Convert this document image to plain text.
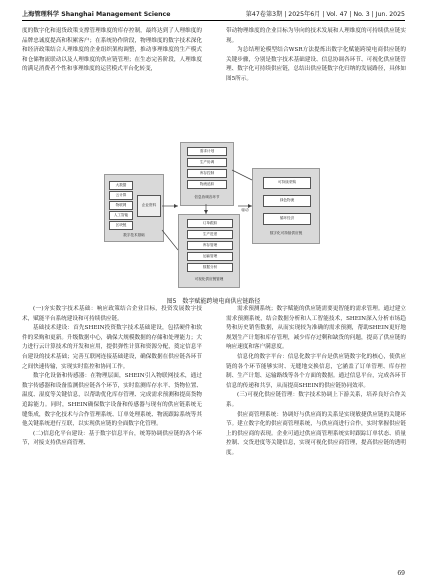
上海管理科学 Shanghai Management Science	第47卷第3期 | 2025年6月 | Vol. 47 | No. 3 | Jun. 2025

度的数字化和退货政策支撑管理维度的库存控制，最终达到了人理维度的品牌忠诚度提高和积累客户；在系统协作阶段，物理维度的数字技术深化和经济政策结合人理维度的企业组织架构调整，推动事理维度的生产模式和仓储物流联动以及人理维度的供应链管理；在生态完善阶段，人理维度的满足消费者个性和事理维度的运营模式平台化转变，

带动物理维度的企业目标为导向的技术发展和人理维度的可持续供应链实现。

为总结理论模型结合WSR方法提炼出数字化赋能跨境电商供应链的关键步骤，分别是数字技术基础建设、信息协调各环节、可视化供应链管理、数字化可持续供应链，总结出供应链数字化归纳的发展路径，具体如图5所示。

需求计划
生产协调
库存控制
物流追踪
信息协调各环节
大数据
云计算
物联网
人工智能
区块链
企业资料
数字技术基础
订单跟踪
生产进度
库存管理
运输管理
数据分析
可视化供应链管理
可持续采购
绿色物流
循环经济
数字化可持续供应链
驱动
图5　数字赋能跨境电商供应链路径

(一)夯实数字技术基础：响应政策结合企业目标，投资发展数字技术，赋能平台系统建设和可持续供应链。

基础技术建设：首先SHEIN投资数字技术基础建设，包括硬件和软件的采购和更新。升级数据中心，确保大规模数据的存储和处理能力；大力进行云计算技术的开发和应用，提供弹性计算和资源分配，奠定信息平台建设的技术基础；完善互联网连接基础建设，确保数据在供应链各环节之间快速传输，实现实时监控和协同工作。

数字化设备和传感器：在物理层面，SHEIN引入物联网技术，通过数字传感器和设备监测供应链各个环节，实时监测库存水平、货物位置、温度、湿度等关键信息，以帮助优化库存管理、完成需求预测和提高货物追踪能力。同时，SHEIN确保数字设备和传感器与现有的供应链系统无缝集成，数字化技术与合作管理系统、订单处理系统、物流跟踪系统等其他关键系统进行互联，以实现供应链的全面数字化管理。

(二)信息化平台建设：基于数字信息平台，统筹协调供应链的各个环节，对接支持供应商管理、

需求预测系统；数字赋能的供应链需要更智能的需求管理。通过建立需求预测系统，结合数据分析和人工智能技术，SHEIN深入分析市场趋势和历史销售数据，从而实现较为准确的需求预测，帮助SHEIN更好地规划生产计划和库存管理，减少库存过剩和缺货的问题，提高了供应链的响应速度和客户满意度。

信息化的数字平台：信息化数字平台是供应链数字化的核心，使供应链的各个环节能够实时、无缝地交换信息，它涵盖了订单管理、库存控制、生产计划、运输路线等各个方面的数据。通过信息平台，完成各环节信息的传递和共享，从而提高SHEIN的供应链协同效率。

(三)可视化供应链管理：数字技术协调上下游关系，培养良好合作关系。

供应商管理系统：协调好与供应商的关系是实现敏捷供应链的关键环节。建立数字化的供应商管理系统，与供应商进行合作，实时掌握供应链上的供应商的表现。企业可通过供应商管理系统实时跟踪订单状态、质量控制、交货进度等关键信息，实现可视化供应商管理，提高供应链的透明度。

69
